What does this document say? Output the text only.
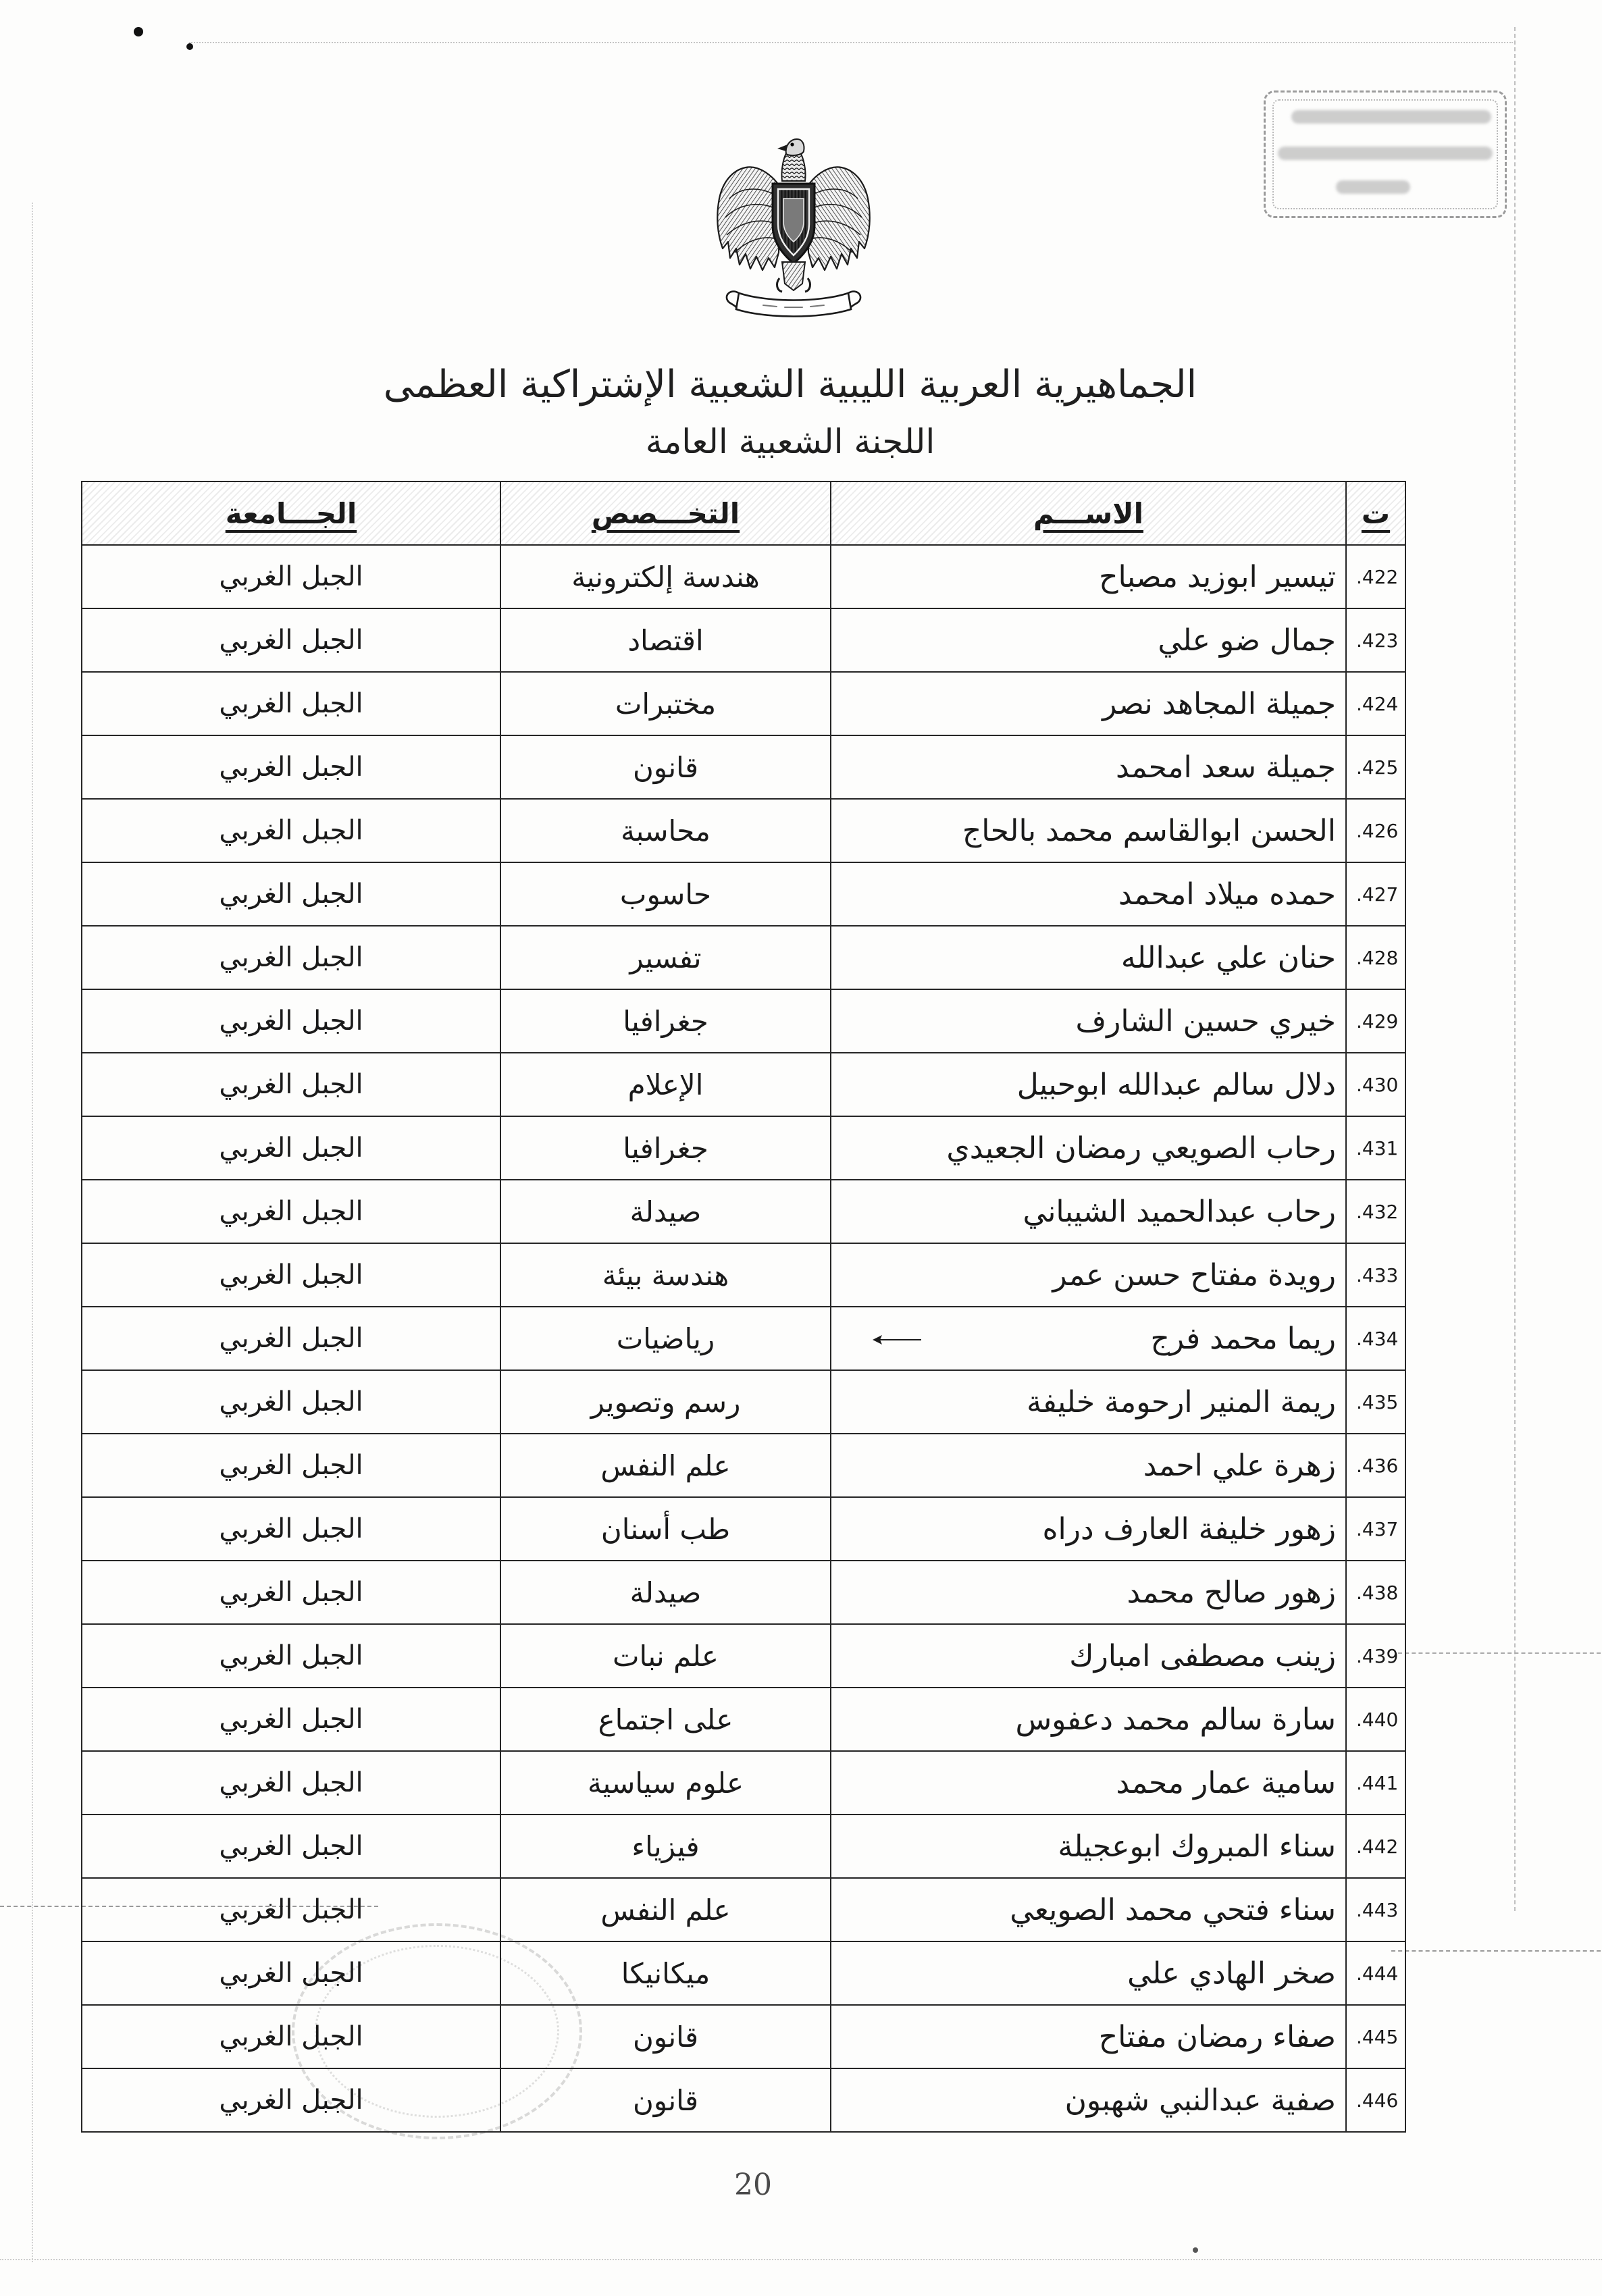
الجماهيرية العربية الليبية الشعبية الإشتراكية العظمى
اللجنة الشعبية العامة
ت	الاســـم	التخـــصص	الجـــامعة
.422	تيسير ابوزيد مصباح	هندسة إلكترونية	الجبل الغربي
.423	جمال ضو علي	اقتصاد	الجبل الغربي
.424	جميلة المجاهد نصر	مختبرات	الجبل الغربي
.425	جميلة سعد امحمد	قانون	الجبل الغربي
.426	الحسن ابوالقاسم محمد بالحاج	محاسبة	الجبل الغربي
.427	حمده ميلاد امحمد	حاسوب	الجبل الغربي
.428	حنان علي عبدالله	تفسير	الجبل الغربي
.429	خيري حسين الشارف	جغرافيا	الجبل الغربي
.430	دلال سالم عبدالله ابوحبيل	الإعلام	الجبل الغربي
.431	رحاب الصويعي رمضان الجعيدي	جغرافيا	الجبل الغربي
.432	رحاب عبدالحميد الشيباني	صيدلة	الجبل الغربي
.433	رويدة مفتاح حسن عمر	هندسة بيئة	الجبل الغربي
.434	ريما محمد فرج	رياضيات	الجبل الغربي
.435	ريمة المنير ارحومة خليفة	رسم وتصوير	الجبل الغربي
.436	زهرة علي احمد	علم النفس	الجبل الغربي
.437	زهور خليفة العارف دراه	طب أسنان	الجبل الغربي
.438	زهور صالح محمد	صيدلة	الجبل الغربي
.439	زينب مصطفى امبارك	علم نبات	الجبل الغربي
.440	سارة سالم محمد دعفوس	على اجتماع	الجبل الغربي
.441	سامية عمار محمد	علوم سياسية	الجبل الغربي
.442	سناء المبروك ابوعجيلة	فيزياء	الجبل الغربي
.443	سناء فتحي محمد الصويعي	علم النفس	الجبل الغربي
.444	صخر الهادي علي	ميكانيكا	الجبل الغربي
.445	صفاء رمضان مفتاح	قانون	الجبل الغربي
.446	صفية عبدالنبي شهبون	قانون	الجبل الغربي
20
